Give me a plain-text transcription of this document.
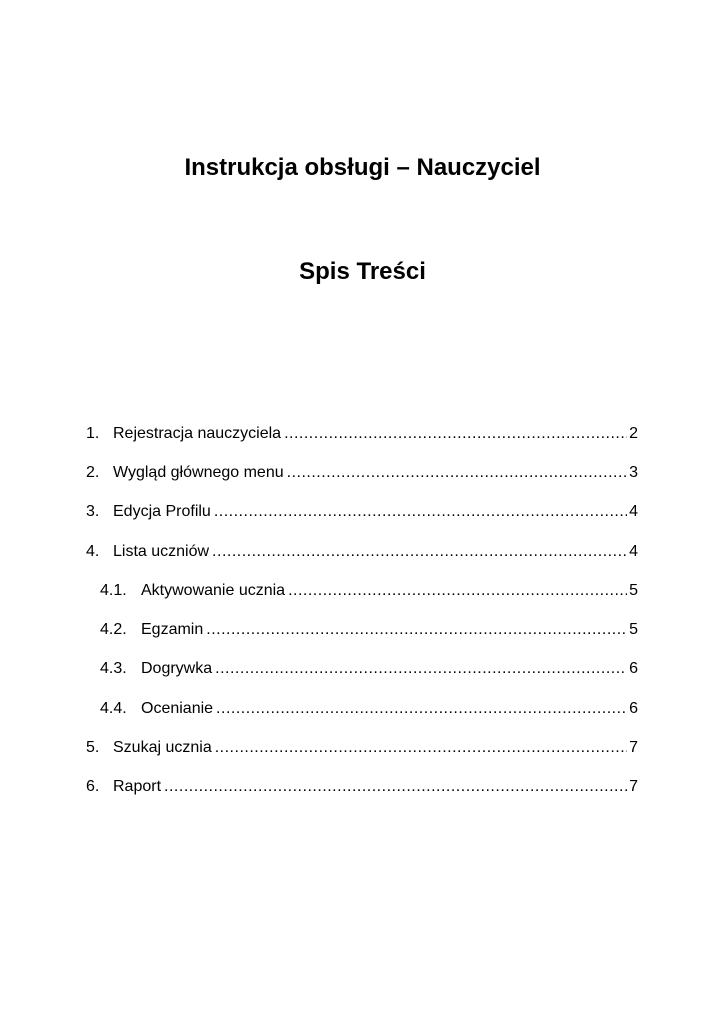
Instrukcja obsługi – Nauczyciel
Spis Treści
1. Rejestracja nauczyciela .....	2
2. Wygląd głównego menu .....	3
3. Edycja Profilu .....	4
4. Lista uczniów .....	4
4.1. Aktywowanie ucznia .....	5
4.2. Egzamin .....	5
4.3. Dogrywka .....	6
4.4. Ocenianie .....	6
5. Szukaj ucznia .....	7
6. Raport .....	7
